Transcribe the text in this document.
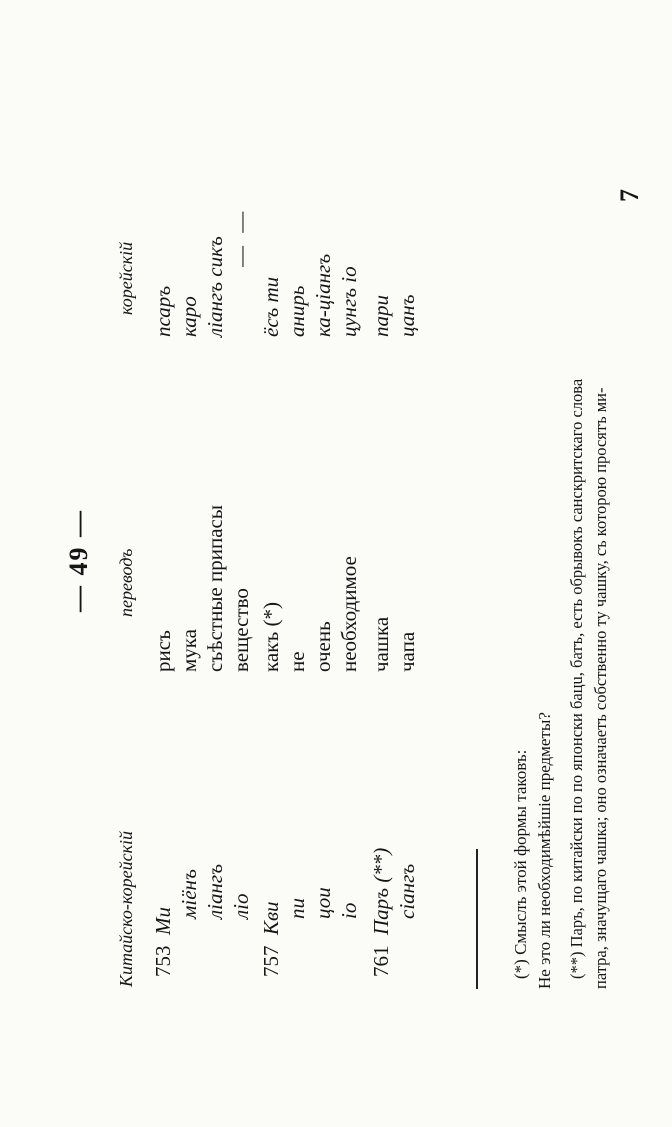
— 49 —
Китайско-корейскій
переводъ
корейскій
753Ми
рисъ
псаръ
міёнъ
мука
каро
ліангъ
съѣстные припасы
ліангъ сикъ
ліо
вещество
— —
757Кви
какъ (*)
ёсъ ти
пи
не
анирь
цои
очень
ка-ціангъ
іо
необходимое
цунгъ іо
761Паръ (**)
чашка
пари
сіангъ
чапа
цанъ
(*) Смыслъ этой формы таковъ: Не это ли необходимѣйшіе предметы? (**) Паръ, по китайски по по японски бацu, батъ, есть обрывокъ санскритскаго слова патра, значущаго чашка; оно означаетъ собственно ту чашку, съ которою просятъ ми-
7
